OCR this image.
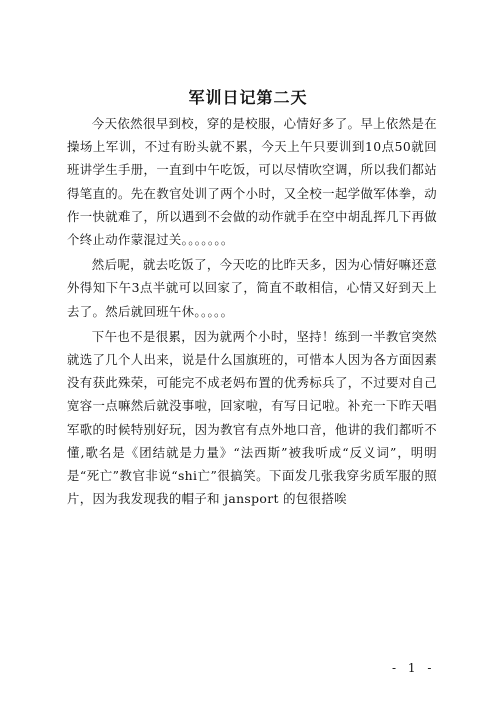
军训日记第二天

今天依然很早到校，穿的是校服，心情好多了。早上依然是在操场上军训，不过有盼头就不累，今天上午只要训到10点50就回班讲学生手册，一直到中午吃饭，可以尽情吹空调，所以我们都站得笔直的。先在教官处训了两个小时，又全校一起学做军体拳，动作一快就难了，所以遇到不会做的动作就手在空中胡乱挥几下再做个终止动作蒙混过关。。。。。。。

然后呢，就去吃饭了，今天吃的比昨天多，因为心情好嘛还意外得知下午3点半就可以回家了，简直不敢相信，心情又好到天上去了。然后就回班午休。。。。。

下午也不是很累，因为就两个小时，坚持！练到一半教官突然就选了几个人出来，说是什么国旗班的，可惜本人因为各方面因素没有获此殊荣，可能完不成老妈布置的优秀标兵了，不过要对自己宽容一点嘛然后就没事啦，回家啦，有写日记啦。补充一下昨天唱军歌的时候特别好玩，因为教官有点外地口音，他讲的我们都听不懂,歌名是《团结就是力量》“法西斯”被我听成“反义词”，明明是“死亡”教官非说“shi亡”很搞笑。下面发几张我穿劣质军服的照片，因为我发现我的帽子和 jansport 的包很搭唉

- 1 -
